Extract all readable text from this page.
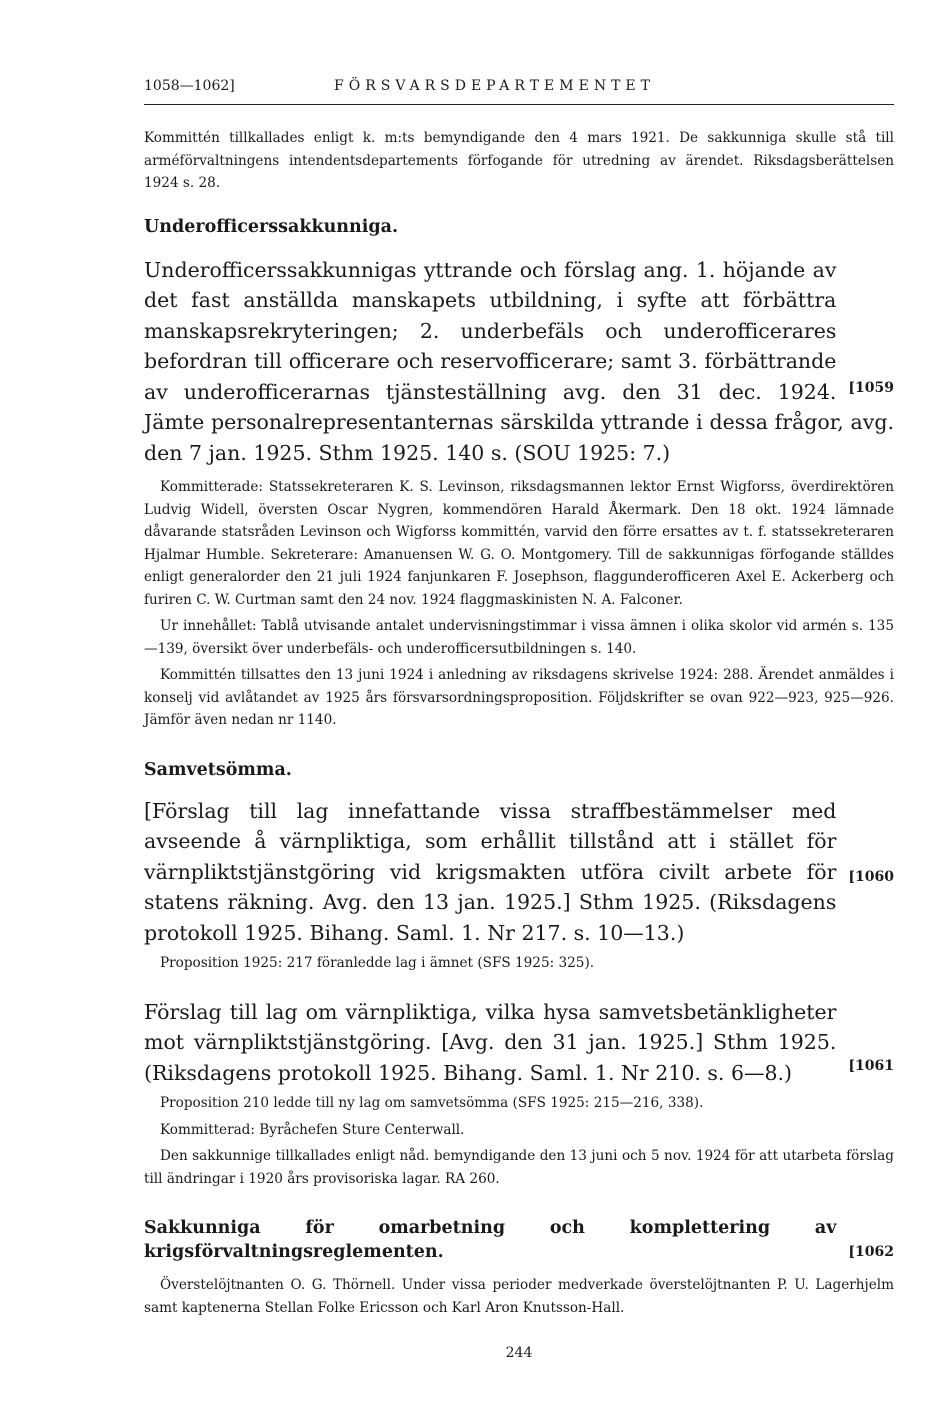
1058—1062]	FÖRSVARSDEPARTEMENTET

Kommittén tillkallades enligt k. m:ts bemyndigande den 4 mars 1921. De sakkunniga skulle stå till arméförvaltningens intendentsdepartements förfogande för utredning av ärendet. Riksdagsberättelsen 1924 s. 28.

Underofficerssakkunniga.

[1059
Underofficerssakkunnigas yttrande och förslag ang. 1. höjande av det fast anställda manskapets utbildning, i syfte att förbättra manskapsrekryteringen; 2. underbefäls och underofficerares befordran till officerare och reservofficerare; samt 3. förbättrande av underofficerarnas tjänsteställning avg. den 31 dec. 1924. Jämte personalrepresentanternas särskilda yttrande i dessa frågor, avg. den 7 jan. 1925. Sthm 1925. 140 s. (SOU 1925: 7.)

Kommitterade: Statssekreteraren K. S. Levinson, riksdagsmannen lektor Ernst Wigforss, överdirektören Ludvig Widell, översten Oscar Nygren, kommendören Harald Åkermark. Den 18 okt. 1924 lämnade dåvarande statsråden Levinson och Wigforss kommittén, varvid den förre ersattes av t. f. statssekreteraren Hjalmar Humble. Sekreterare: Amanuensen W. G. O. Montgomery. Till de sakkunnigas förfogande ställdes enligt generalorder den 21 juli 1924 fanjunkaren F. Josephson, flaggunderofficeren Axel E. Ackerberg och furiren C. W. Curtman samt den 24 nov. 1924 flaggmaskinisten N. A. Falconer.

Ur innehållet: Tablå utvisande antalet undervisningstimmar i vissa ämnen i olika skolor vid armén s. 135—139, översikt över underbefäls- och underofficersutbildningen s. 140.

Kommittén tillsattes den 13 juni 1924 i anledning av riksdagens skrivelse 1924: 288. Ärendet anmäldes i konselj vid avlåtandet av 1925 års försvarsordningsproposition. Följdskrifter se ovan 922—923, 925—926. Jämför även nedan nr 1140.

Samvetsömma.

[1060
[Förslag till lag innefattande vissa straffbestämmelser med avseende å värnpliktiga, som erhållit tillstånd att i stället för värnpliktstjänstgöring vid krigsmakten utföra civilt arbete för statens räkning. Avg. den 13 jan. 1925.] Sthm 1925. (Riksdagens protokoll 1925. Bihang. Saml. 1. Nr 217. s. 10—13.)

Proposition 1925: 217 föranledde lag i ämnet (SFS 1925: 325).

[1061
Förslag till lag om värnpliktiga, vilka hysa samvetsbetänkligheter mot värnpliktstjänstgöring. [Avg. den 31 jan. 1925.] Sthm 1925. (Riksdagens protokoll 1925. Bihang. Saml. 1. Nr 210. s. 6—8.)

Proposition 210 ledde till ny lag om samvetsömma (SFS 1925: 215—216, 338).

Kommitterad: Byråchefen Sture Centerwall.

Den sakkunnige tillkallades enligt nåd. bemyndigande den 13 juni och 5 nov. 1924 för att utarbeta förslag till ändringar i 1920 års provisoriska lagar. RA 260.

[1062
Sakkunniga för omarbetning och komplettering av krigsförvaltningsreglementen.

Överstelöjtnanten O. G. Thörnell. Under vissa perioder medverkade överstelöjtnanten P. U. Lagerhjelm samt kaptenerna Stellan Folke Ericsson och Karl Aron Knutsson-Hall.

244
